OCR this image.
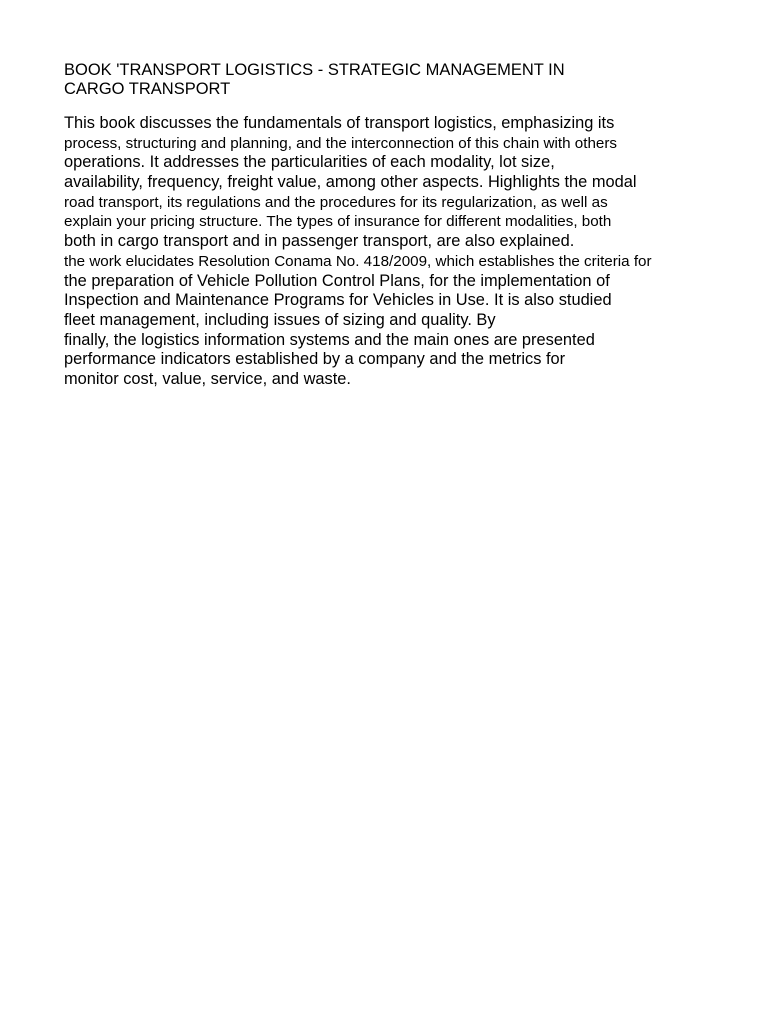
BOOK 'TRANSPORT LOGISTICS - STRATEGIC MANAGEMENT IN
CARGO TRANSPORT
This book discusses the fundamentals of transport logistics, emphasizing its
process, structuring and planning, and the interconnection of this chain with others
operations. It addresses the particularities of each modality, lot size,
availability, frequency, freight value, among other aspects. Highlights the modal
road transport, its regulations and the procedures for its regularization, as well as
explain your pricing structure. The types of insurance for different modalities, both
both in cargo transport and in passenger transport, are also explained.
the work elucidates Resolution Conama No. 418/2009, which establishes the criteria for
the preparation of Vehicle Pollution Control Plans, for the implementation of
Inspection and Maintenance Programs for Vehicles in Use. It is also studied
fleet management, including issues of sizing and quality. By
finally, the logistics information systems and the main ones are presented
performance indicators established by a company and the metrics for
monitor cost, value, service, and waste.
